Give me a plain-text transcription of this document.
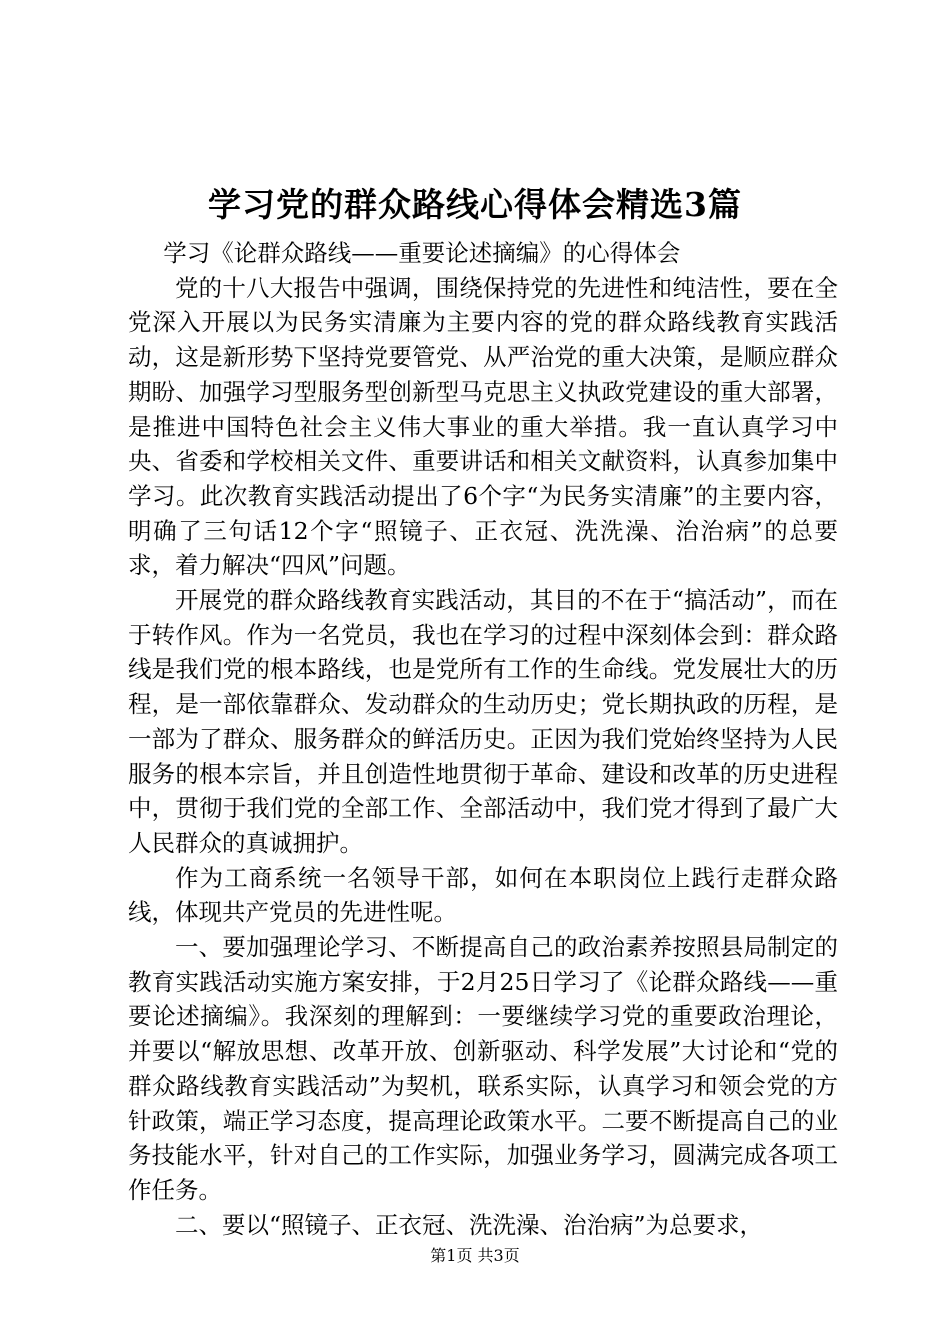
学习党的群众路线心得体会精选3篇

学习《论群众路线——重要论述摘编》的心得体会

党的十八大报告中强调，围绕保持党的先进性和纯洁性，要在全党深入开展以为民务实清廉为主要内容的党的群众路线教育实践活动，这是新形势下坚持党要管党、从严治党的重大决策，是顺应群众期盼、加强学习型服务型创新型马克思主义执政党建设的重大部署，是推进中国特色社会主义伟大事业的重大举措。我一直认真学习中央、省委和学校相关文件、重要讲话和相关文献资料，认真参加集中学习。此次教育实践活动提出了6个字“为民务实清廉”的主要内容，明确了三句话12个字“照镜子、正衣冠、洗洗澡、治治病”的总要求，着力解决“四风”问题。

开展党的群众路线教育实践活动，其目的不在于“搞活动”，而在于转作风。作为一名党员，我也在学习的过程中深刻体会到：群众路线是我们党的根本路线，也是党所有工作的生命线。党发展壮大的历程，是一部依靠群众、发动群众的生动历史；党长期执政的历程，是一部为了群众、服务群众的鲜活历史。正因为我们党始终坚持为人民服务的根本宗旨，并且创造性地贯彻于革命、建设和改革的历史进程中，贯彻于我们党的全部工作、全部活动中，我们党才得到了最广大人民群众的真诚拥护。

作为工商系统一名领导干部，如何在本职岗位上践行走群众路线，体现共产党员的先进性呢。

一、要加强理论学习、不断提高自己的政治素养按照县局制定的教育实践活动实施方案安排，于2月25日学习了《论群众路线——重要论述摘编》。我深刻的理解到：一要继续学习党的重要政治理论，并要以“解放思想、改革开放、创新驱动、科学发展”大讨论和“党的群众路线教育实践活动”为契机，联系实际，认真学习和领会党的方针政策，端正学习态度，提高理论政策水平。二要不断提高自己的业务技能水平，针对自己的工作实际，加强业务学习，圆满完成各项工作任务。

二、要以“照镜子、正衣冠、洗洗澡、治治病”为总要求，

第1页 共3页
